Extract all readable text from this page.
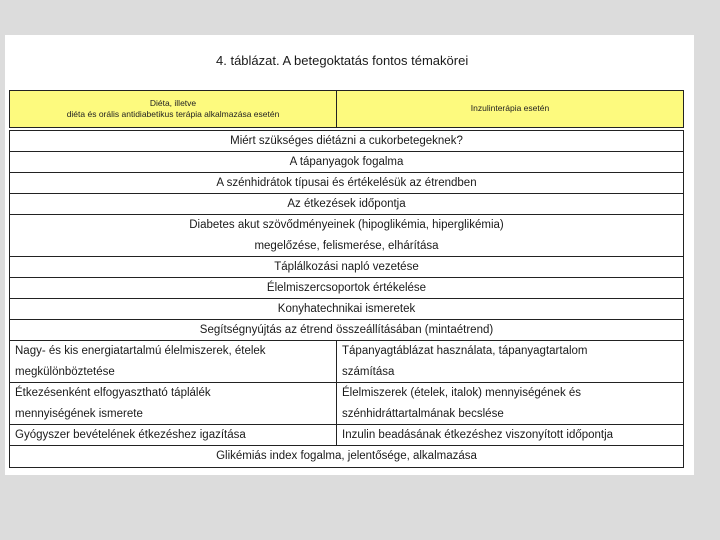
4. táblázat. A betegoktatás fontos témakörei
Diéta, illetve
diéta és orális antidiabetikus terápia alkalmazása esetén
Inzulinterápia esetén
Miért szükséges diétázni a cukorbetegeknek?
A tápanyagok fogalma
A szénhidrátok típusai és értékelésük az étrendben
Az étkezések időpontja
Diabetes akut szövődményeinek (hipoglikémia, hiperglikémia)
megelőzése, felismerése, elhárítása
Táplálkozási napló vezetése
Élelmiszercsoportok értékelése
Konyhatechnikai ismeretek
Segítségnyújtás az étrend összeállításában (mintaétrend)
Nagy- és kis energiatartalmú élelmiszerek, ételek
megkülönböztetése
Tápanyagtáblázat használata, tápanyagtartalom
számítása
Étkezésenként elfogyasztható táplálék
mennyiségének ismerete
Élelmiszerek (ételek, italok) mennyiségének és
szénhidráttartalmának becslése
Gyógyszer bevételének étkezéshez igazítása	Inzulin beadásának étkezéshez viszonyított időpontja
Glikémiás index fogalma, jelentősége, alkalmazása
